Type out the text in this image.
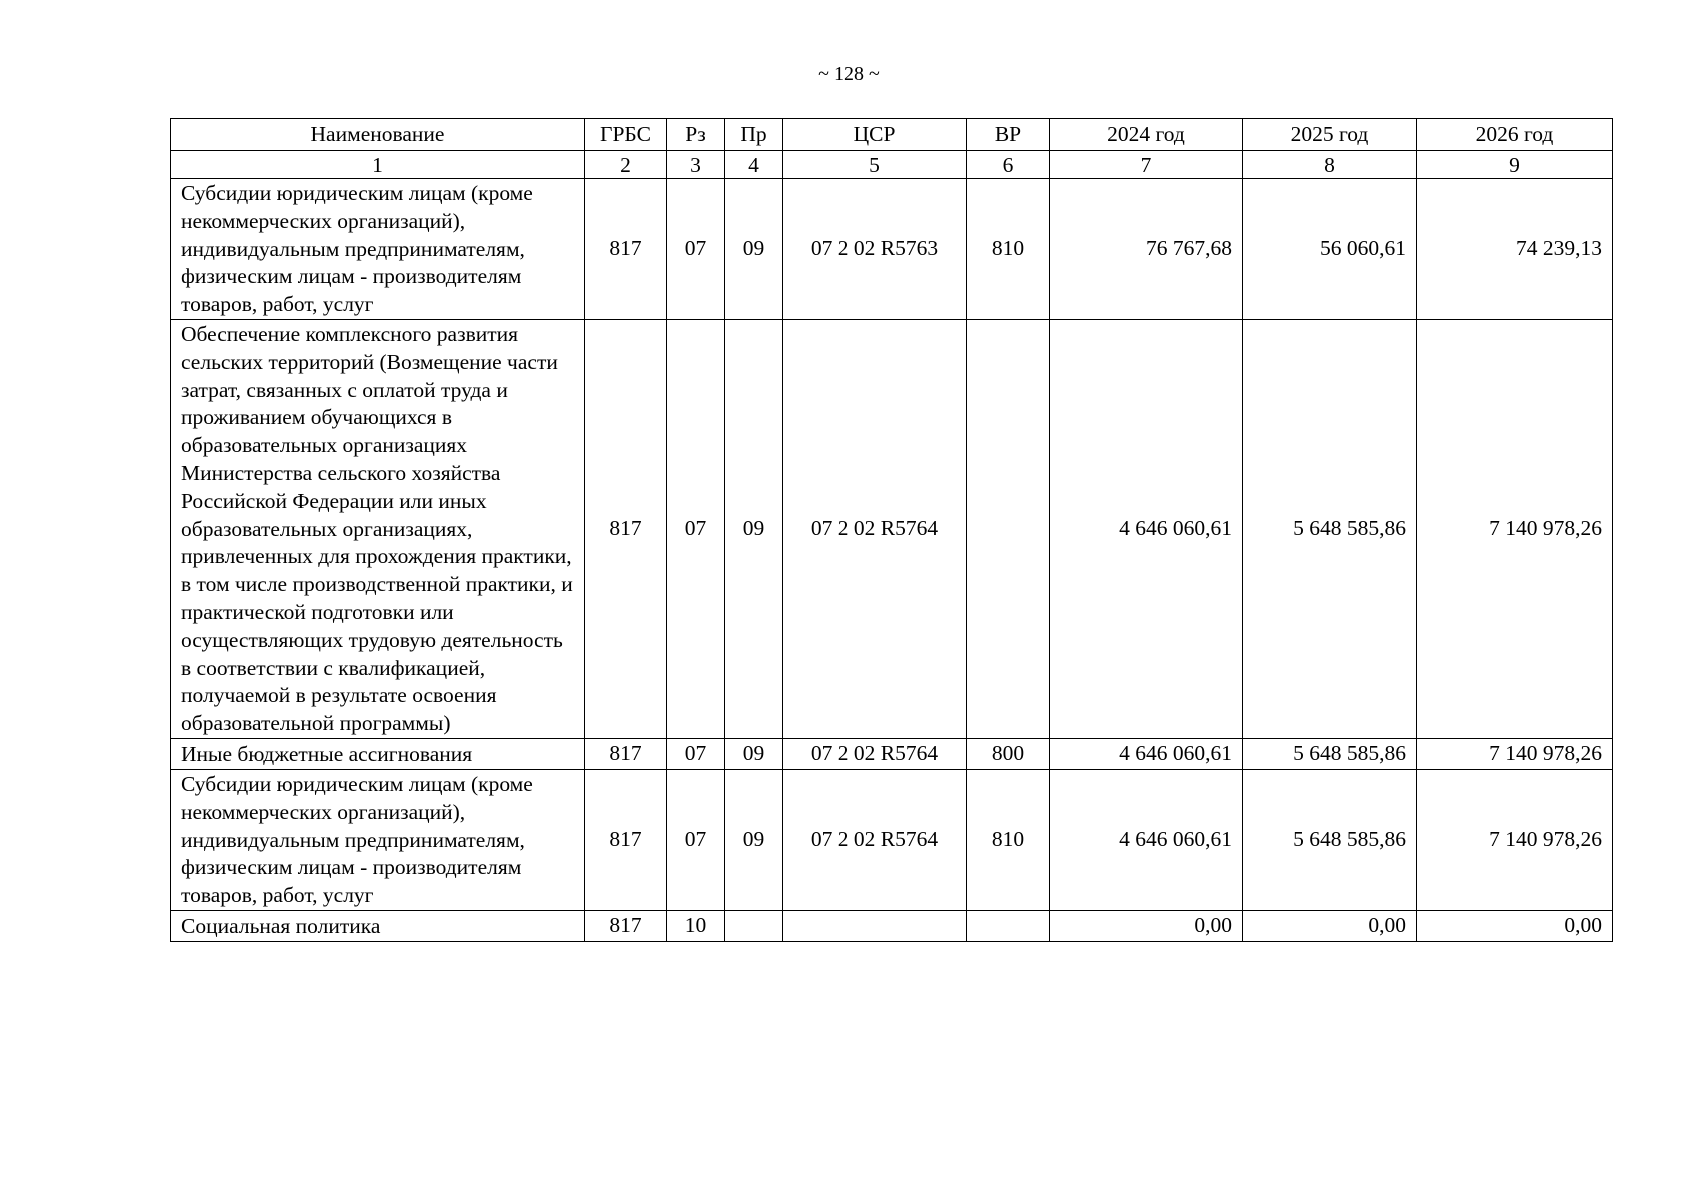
~ 128 ~
Наименование	ГРБС	Рз	Пр	ЦСР	ВР	2024 год	2025 год	2026 год
1	2	3	4	5	6	7	8	9
Субсидии юридическим лицам (кроме некоммерческих организаций), индивидуальным предпринимателям, физическим лицам - производителям товаров, работ, услуг	817	07	09	07 2 02 R5763	810	76 767,68	56 060,61	74 239,13
Обеспечение комплексного развития сельских территорий (Возмещение части затрат, связанных с оплатой труда и проживанием обучающихся в образовательных организациях Министерства сельского хозяйства Российской Федерации или иных образовательных организациях, привлеченных для прохождения практики, в том числе производственной практики, и практической подготовки или осуществляющих трудовую деятельность в соответствии с квалификацией, получаемой в результате освоения образовательной программы)	817	07	09	07 2 02 R5764		4 646 060,61	5 648 585,86	7 140 978,26
Иные бюджетные ассигнования	817	07	09	07 2 02 R5764	800	4 646 060,61	5 648 585,86	7 140 978,26
Субсидии юридическим лицам (кроме некоммерческих организаций), индивидуальным предпринимателям, физическим лицам - производителям товаров, работ, услуг	817	07	09	07 2 02 R5764	810	4 646 060,61	5 648 585,86	7 140 978,26
Социальная политика	817	10				0,00	0,00	0,00
